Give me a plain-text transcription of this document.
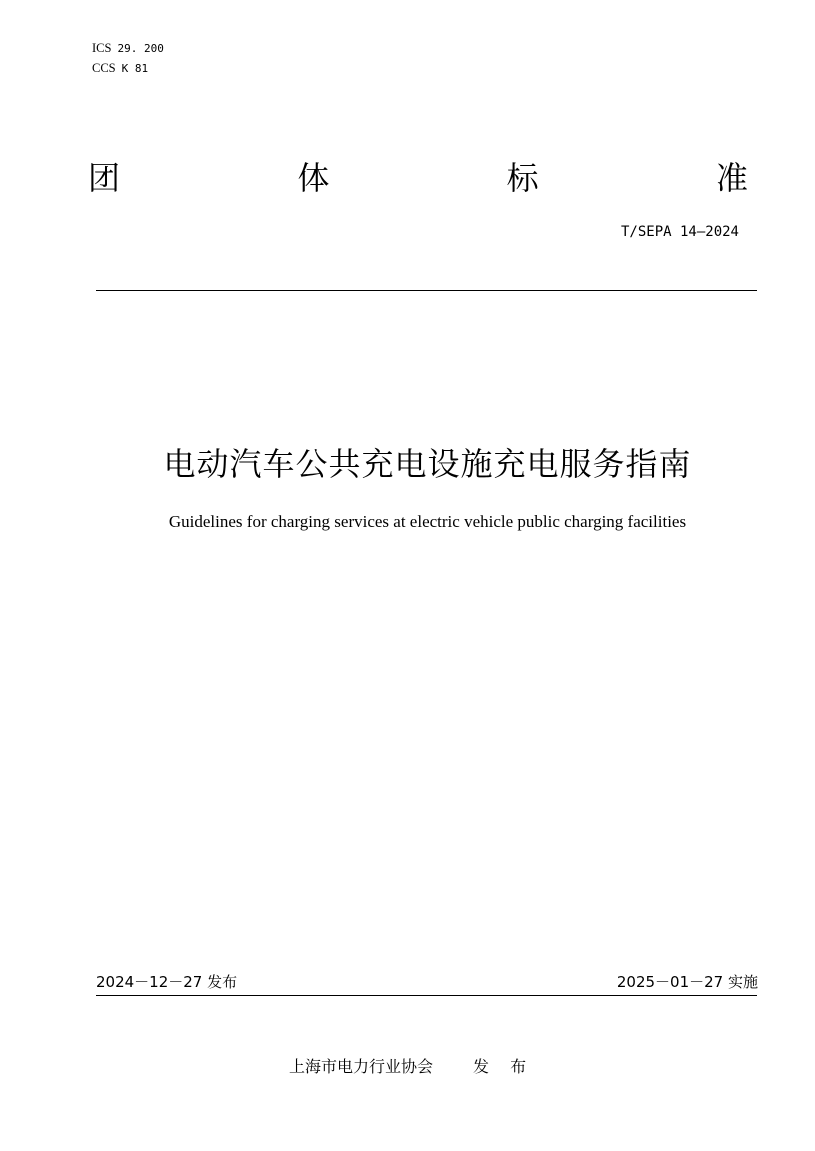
ICS 29. 200
CCS K 81
团	体	标	准
T/SEPA 14—2024
电动汽车公共充电设施充电服务指南
Guidelines for charging services at electric vehicle public charging facilities
2024－12－27 发布	2025－01－27 实施
上海市电力行业协会	发 布
